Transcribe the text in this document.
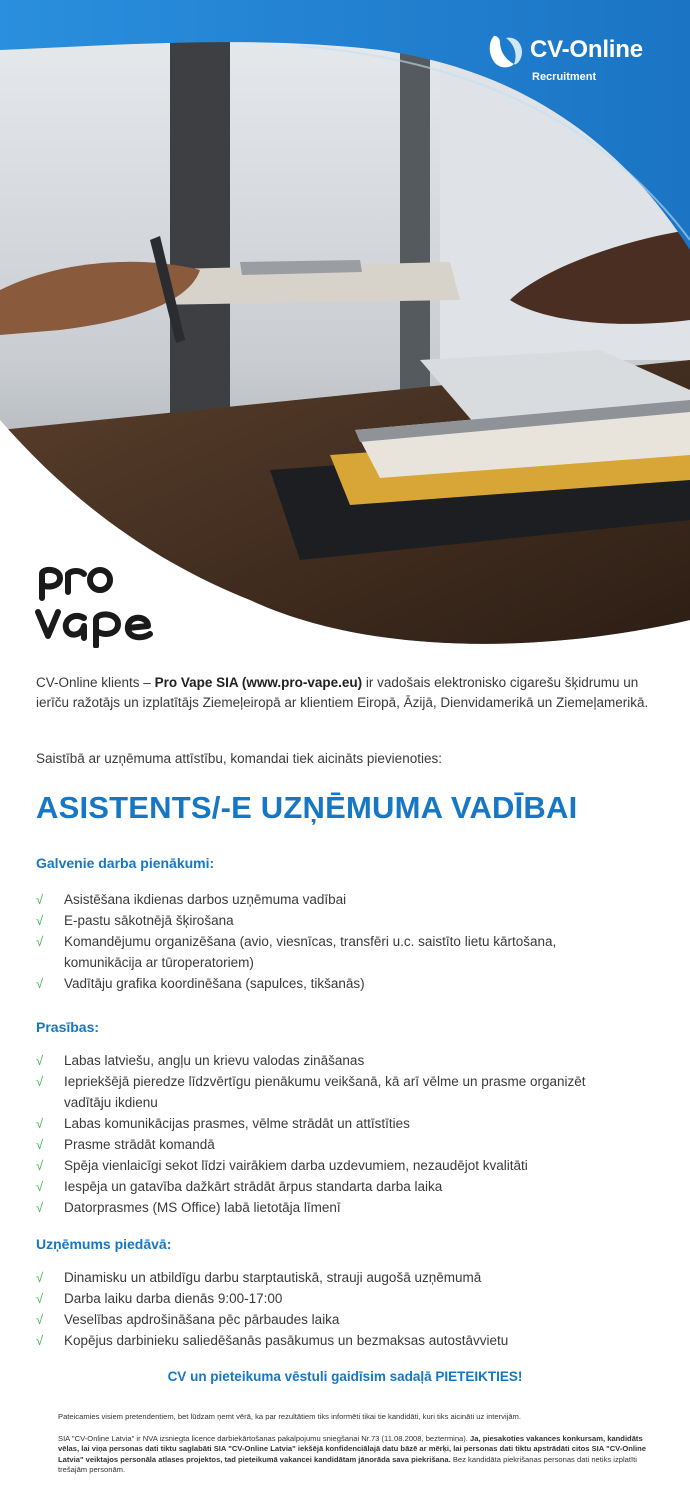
CV-Online
Recruitment

CV-Online klients – Pro Vape SIA (www.pro-vape.eu) ir vadošais elektronisko cigarešu šķidrumu un ierīču ražotājs un izplatītājs Ziemeļeiropā ar klientiem Eiropā, Āzijā, Dienvidamerikā un Ziemeļamerikā.

Saistībā ar uzņēmuma attīstību, komandai tiek aicināts pievienoties:

ASISTENTS/-E UZŅĒMUMA VADĪBAI
Galvenie darba pienākumi:
√ Asistēšana ikdienas darbos uzņēmuma vadībai
√ E-pastu sākotnējā šķirošana
√ Komandējumu organizēšana (avio, viesnīcas, transfēri u.c. saistīto lietu kārtošana, komunikācija ar tūroperatoriem)
√ Vadītāju grafika koordinēšana (sapulces, tikšanās)
Prasības:
√ Labas latviešu, angļu un krievu valodas zināšanas
√ Iepriekšējā pieredze līdzvērtīgu pienākumu veikšanā, kā arī vēlme un prasme organizēt vadītāju ikdienu
√ Labas komunikācijas prasmes, vēlme strādāt un attīstīties
√ Prasme strādāt komandā
√ Spēja vienlaicīgi sekot līdzi vairākiem darba uzdevumiem, nezaudējot kvalitāti
√ Iespēja un gatavība dažkārt strādāt ārpus standarta darba laika
√ Datorprasmes (MS Office) labā lietotāja līmenī
Uzņēmums piedāvā:
√ Dinamisku un atbildīgu darbu starptautiskā, strauji augošā uzņēmumā
√ Darba laiku darba dienās 9:00-17:00
√ Veselības apdrošināšana pēc pārbaudes laika
√ Kopējus darbinieku saliedēšanās pasākumus un bezmaksas autostāvvietu

CV un pieteikuma vēstuli gaidīsim sadaļā PIETEIKTIES!

Pateicamies visiem pretendentiem, bet lūdzam ņemt vērā, ka par rezultātiem tiks informēti tikai tie kandidāti, kuri tiks aicināti uz intervijām.

SIA "CV-Online Latvia" ir NVA izsniegta licence darbiekārtošanas pakalpojumu sniegšanai Nr.73 (11.08.2008, beztermiņa). Ja, piesakoties vakances konkursam, kandidāts vēlas, lai viņa personas dati tiktu saglabāti SIA "CV-Online Latvia" iekšējā konfidenciālajā datu bāzē ar mērķi, lai personas dati tiktu apstrādāti citos SIA "CV-Online Latvia" veiktajos personāla atlases projektos, tad pieteikumā vakancei kandidātam jānorāda sava piekrišana. Bez kandidāta piekrišanas personas dati netiks izplatīti trešajām personām.
